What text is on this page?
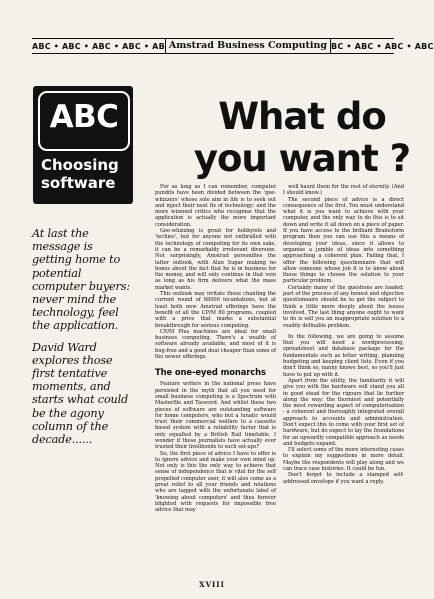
ABC • ABC • ABC • ABC • AB Amstrad Business Computing BC • ABC • ABC • ABC
ABC
Choosing
software
What do
you want ?

At last the message is getting home to potential computer buyers: never mind the technology, feel the application.

David Ward explores those first tentative moments, and starts what could be the agony column of the decade......

For as long as I can remember, computer pundits have been divided between the 'gee-whizzers' whose sole aim in life is to seek out and inject their next fix of technology: and the more wizened critics who recognise that the application is actually the more important consideration.

Gee-whizzing is great for hobbyists and 'techies', but for anyone not enthralled with the technology of computing for its own sake, it can be a remarkably irrelevant diversion. Not surprisingly, Amstrad personifies the latter outlook, with Alan Sugar making no bones about the fact that he is in business for the money, and will only continue in that vein as long as his firm delivers what the mass market wants.

This outlook may irritate those chanting the current round of 68000 incantations, but at least both new Amstrad offerings have the benefit of all the CP/M 80 programs, coupled with a price that marks a substantial breakthrough for serious computing.

CP/M Plus machines are ideal for small business computing. There's a wealth of software already available, and most of it is bug-free and a good deal cheaper than some of the newer offerings.

The one-eyed monarchs

Feature writers in the national press have persisted in the myth that all you need for small business computing is a Spectrum with Masterfile and Tasword. And whilst these two pieces of software are outstanding software for home computers, who but a lunatic would trust their commercial welfare to a cassette based system with a reliability factor that is only equalled by a British Rail timetable. I wonder if these journalists have actually ever trusted their livelihoods to such set-ups?

So, the first piece of advice I have to offer is to ignore advice and make your own mind up. Not only is this the only way to achieve that sense of independence that is vital for the self propelled computer user, it will also come as a great relief to all your friends and relations who are tagged with the unfortunate label of 'knowing about computers' and thus forever blighted with requests for impossible free advice that may

well haunt them for the rest of eternity. (And I should know.)

The second piece of advice is a direct consequence of the first. You must understand what it is you want to achieve with your computer, and the only way to do this is to sit down and write it all down on a piece of paper. If you have access to the brilliant Brainstorm program then you can use this a means of developing your ideas, since it allows to organise a jumble of ideas into something approaching a coherent plan. Failing that, I offer the following questionnaire that will allow someone whose job it is to know about these things to choose the solution to your particular problem.

Certainly many of the questions are loaded: part of the process of any honest and objective questionnaire should be to get the subject to think a little more deeply about the issues involved. The last thing anyone ought to want to do is sell you an inappropriate solution to a readily definable problem.

In the following, we are going to assume that you will need a wordprocessing, spreadsheet and database package for the fundamentals such as letter writing, planning budgeting and keeping client lists. Even if you don't think so, nanny knows best, so you'll just have to put up with it.

Apart from the utility, the familiarity it will give you with the hardware will stand you all in good stead for the rigours that lie further along the way: the thorniest and potentially the most rewarding aspect of computerisation - a coherent and thoroughly integrated overall approach to accounts and administration. Don't expect this to come with your first set of hardware, but do expect to lay the foundations for an upwardly compatible approach as needs and budgets expand.

I'll select some of the more interesting cases to explain my suggestions in more detail. Maybe the respondents will play along and we can trace case histories. It could be fun.

Don't forget to include a stamped self-addressed envelope if you want a reply.

XVIII
